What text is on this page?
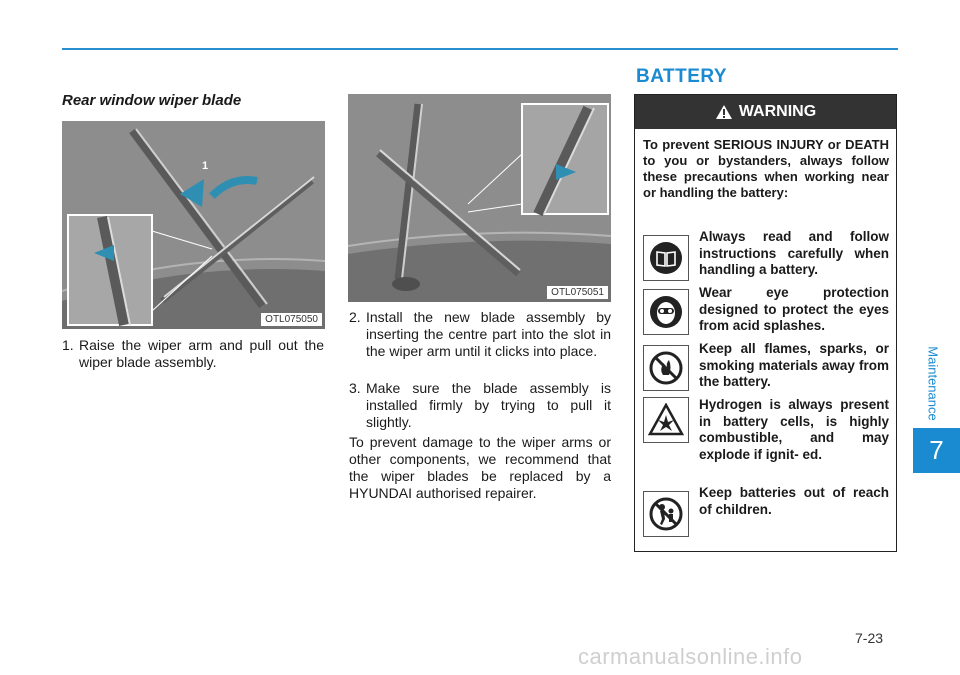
Rear window wiper blade
1
OTL075050
1. Raise the wiper arm and pull out the wiper blade assembly.
OTL075051
2. Install the new blade assembly by inserting the centre part into the slot in the wiper arm until it clicks into place.
3. Make sure the blade assembly is installed firmly by trying to pull it slightly.
To prevent damage to the wiper arms or other components, we recommend that the wiper blades be replaced by a HYUNDAI authorised repairer.
BATTERY
WARNING
To prevent SERIOUS INJURY or DEATH to you or bystanders, always follow these precautions when working near or handling the battery:
Always read and follow instructions carefully when handling a battery.
Wear eye protection designed to protect the eyes from acid splashes.
Keep all flames, sparks, or smoking materials away from the battery.
Hydrogen is always present in battery cells, is highly combustible, and may explode if ignit- ed.
Keep batteries out of reach of children.
Maintenance
7
7-23
carmanualsonline.info
